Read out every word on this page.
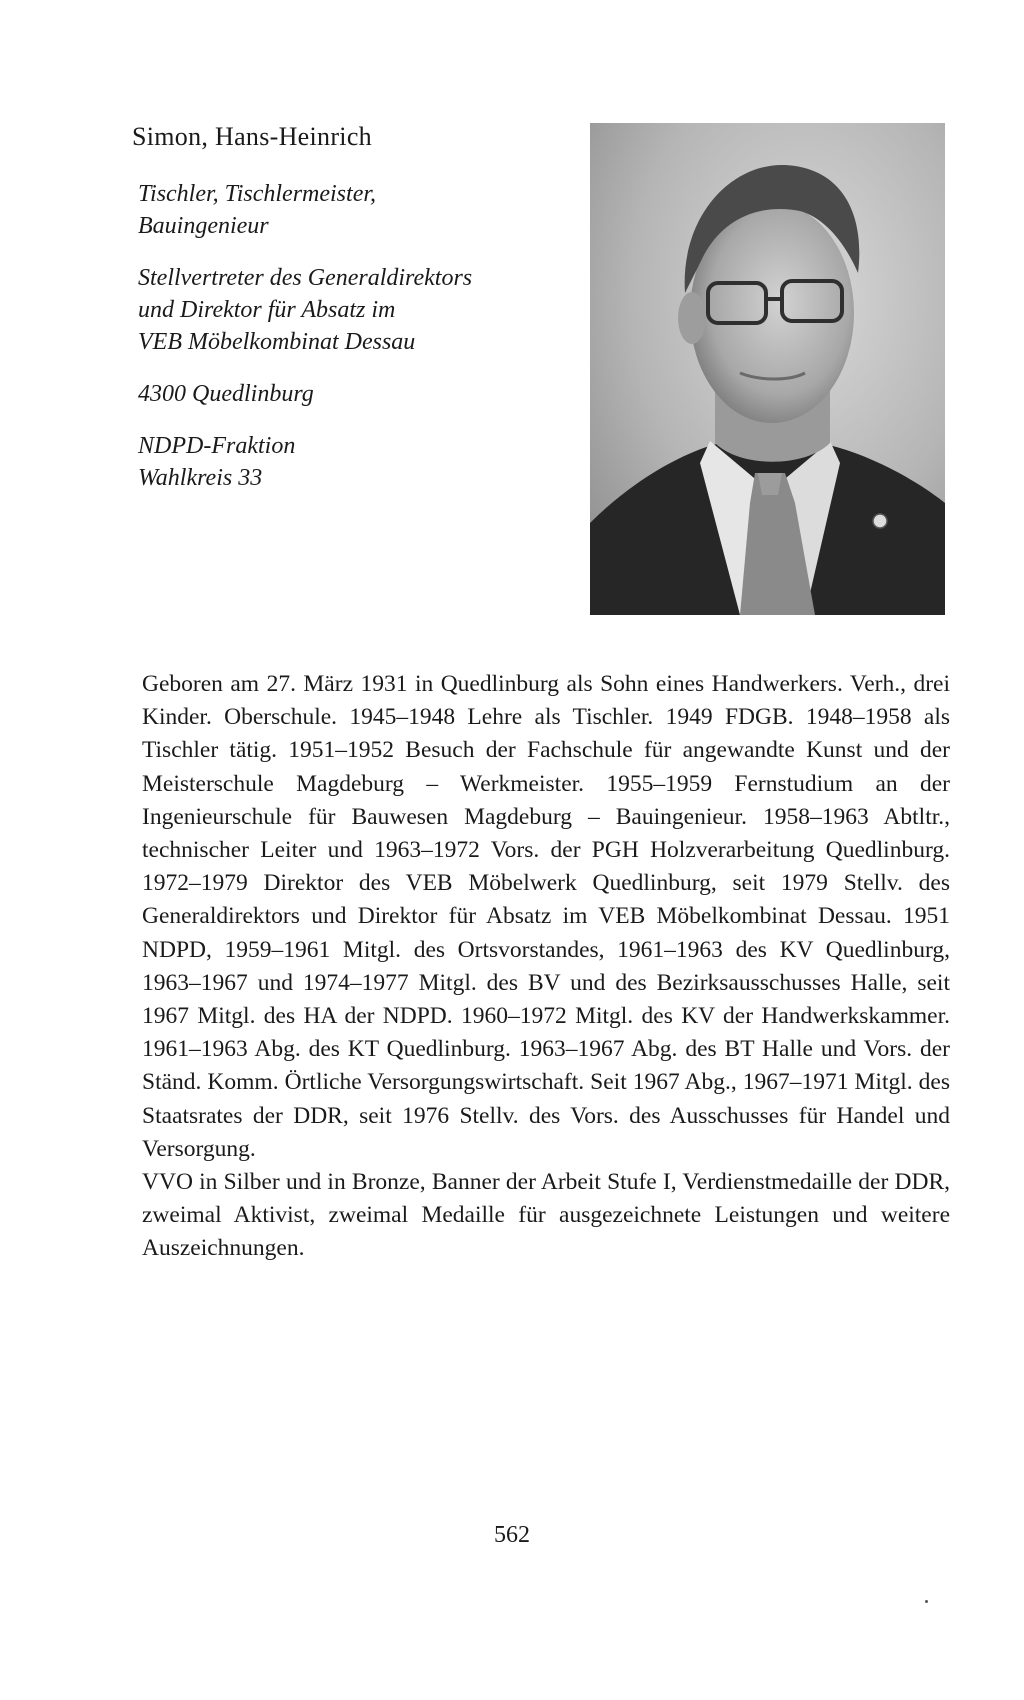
Simon, Hans-Heinrich

Tischler, Tischlermeister,
Bauingenieur

Stellvertreter des Generaldirektors
und Direktor für Absatz im
VEB Möbelkombinat Dessau

4300 Quedlinburg

NDPD-Fraktion
Wahlkreis 33

Geboren am 27. März 1931 in Quedlinburg als Sohn eines Handwerkers. Verh., drei Kinder. Oberschule. 1945–1948 Lehre als Tischler. 1949 FDGB. 1948–1958 als Tischler tätig. 1951–1952 Besuch der Fachschule für angewandte Kunst und der Meisterschule Magdeburg – Werkmeister. 1955–1959 Fernstudium an der Ingenieurschule für Bauwesen Magdeburg – Bauingenieur. 1958–1963 Abtltr., technischer Leiter und 1963–1972 Vors. der PGH Holzverarbeitung Quedlinburg. 1972–1979 Direktor des VEB Möbelwerk Quedlinburg, seit 1979 Stellv. des Generaldirektors und Direktor für Absatz im VEB Möbelkombinat Dessau. 1951 NDPD, 1959–1961 Mitgl. des Ortsvorstandes, 1961–1963 des KV Quedlinburg, 1963–1967 und 1974–1977 Mitgl. des BV und des Bezirksausschusses Halle, seit 1967 Mitgl. des HA der NDPD. 1960–1972 Mitgl. des KV der Handwerkskammer. 1961–1963 Abg. des KT Quedlinburg. 1963–1967 Abg. des BT Halle und Vors. der Ständ. Komm. Örtliche Versorgungswirtschaft. Seit 1967 Abg., 1967–1971 Mitgl. des Staatsrates der DDR, seit 1976 Stellv. des Vors. des Ausschusses für Handel und Versorgung.

VVO in Silber und in Bronze, Banner der Arbeit Stufe I, Verdienstmedaille der DDR, zweimal Aktivist, zweimal Medaille für ausgezeichnete Leistungen und weitere Auszeichnungen.

562
